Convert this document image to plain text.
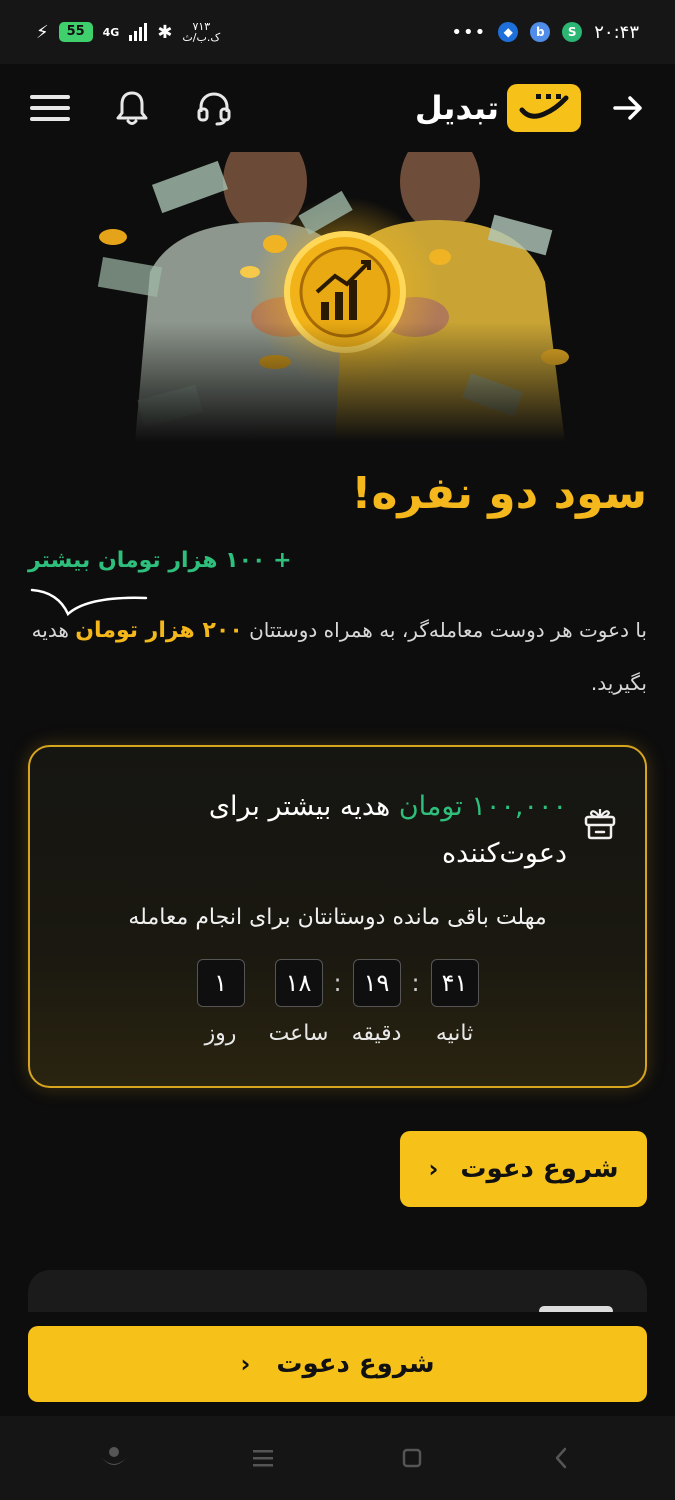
⚡	55	4G ✱	۷۱۳
ک.ب/ث	•••	◆	b	S ۲۰:۴۳
تبدیل
سود دو نفره!
+ ۱۰۰ هزار تومان بیشتر
با دعوت هر دوست معامله‌گر، به همراه دوستتان ۲۰۰ هزار تومان هدیه بگیرید.
۱۰۰,۰۰۰ تومان هدیه بیشتر برای دعوت‌کننده
مهلت باقی مانده دوستانتان برای انجام معامله
۴۱
ثانیه
:
۱۹
دقیقه
:
۱۸
ساعت
۱
روز
شروع دعوت
‹
شروع دعوت
‹
